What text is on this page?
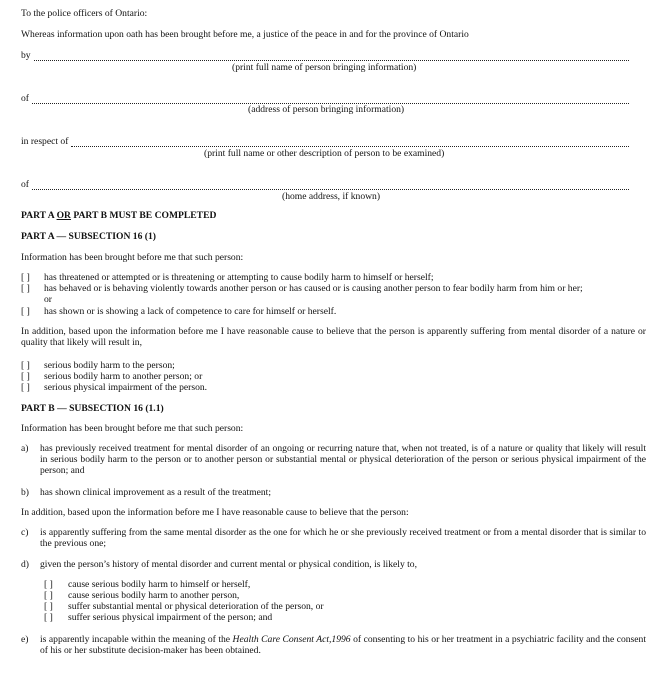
To the police officers of Ontario:
Whereas information upon oath has been brought before me, a justice of the peace in and for the province of Ontario
by
(print full name of person bringing information)
of
(address of person bringing information)
in respect of
(print full name or other description of person to be examined)
of
(home address, if known)
PART A OR PART B MUST BE COMPLETED
PART A — SUBSECTION 16 (1)
Information has been brought before me that such person:
[ ] has threatened or attempted or is threatening or attempting to cause bodily harm to himself or herself;
[ ] has behaved or is behaving violently towards another person or has caused or is causing another person to fear bodily harm from him or her;
or
[ ] has shown or is showing a lack of competence to care for himself or herself.
In addition, based upon the information before me I have reasonable cause to believe that the person is apparently suffering from mental disorder of a nature or quality that likely will result in,
[ ] serious bodily harm to the person;
[ ] serious bodily harm to another person; or
[ ] serious physical impairment of the person.
PART B — SUBSECTION 16 (1.1)
Information has been brought before me that such person:
a) has previously received treatment for mental disorder of an ongoing or recurring nature that, when not treated, is of a nature or quality that likely will result in serious bodily harm to the person or to another person or substantial mental or physical deterioration of the person or serious physical impairment of the person; and
b) has shown clinical improvement as a result of the treatment;
In addition, based upon the information before me I have reasonable cause to believe that the person:
c) is apparently suffering from the same mental disorder as the one for which he or she previously received treatment or from a mental disorder that is similar to the previous one;
d) given the person’s history of mental disorder and current mental or physical condition, is likely to,
[ ] cause serious bodily harm to himself or herself,
[ ] cause serious bodily harm to another person,
[ ] suffer substantial mental or physical deterioration of the person, or
[ ] suffer serious physical impairment of the person; and
e) is apparently incapable within the meaning of the Health Care Consent Act,1996 of consenting to his or her treatment in a psychiatric facility and the consent of his or her substitute decision-maker has been obtained.
